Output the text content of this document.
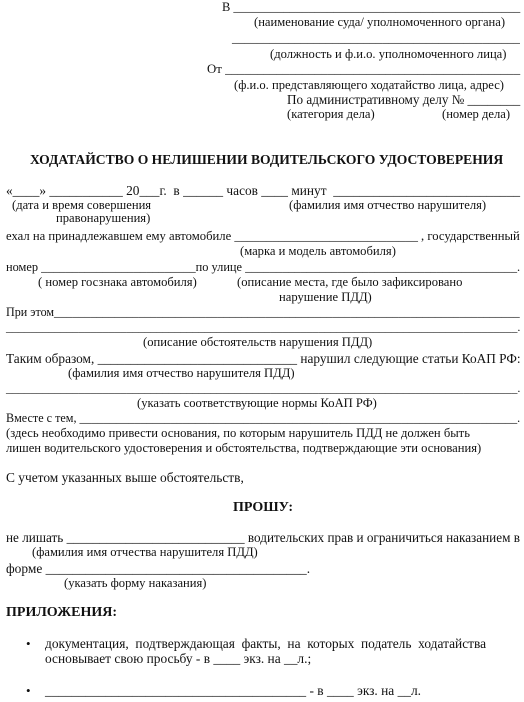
В ______________________________________________
(наименование суда/ уполномоченного органа)
______________________________________________
(должность и ф.и.о. уполномоченного лица)
От ______________________________________________
(ф.и.о. представляющего ходатайство лица, адрес)
По административному делу № ________
(категория дела)	(номер дела)
ХОДАТАЙСТВО О НЕЛИШЕНИИ ВОДИТЕЛЬСКОГО УДОСТОВЕРЕНИЯ
«____» ___________ 20___г.  в ______ часов ____ минут  ____________________________
(дата и время совершения
правонарушения)
(фамилия имя отчество нарушителя)
ехал на принадлежавшем ему автомобиле _____________________________ , государственный
(марка и модель автомобиля)
номер _________________________по улице ____________________________________________.
( номер госзнака автомобиля)	(описание места, где было зафиксировано
нарушение ПДД)
При этом_____________________________________________________________________________
_____________________________________________________________________________________.
(описание обстоятельств нарушения ПДД)
Таким образом, ______________________________ нарушил следующие статьи КоАП РФ:
(фамилия имя отчество нарушителя ПДД)
_____________________________________________________________________________________.
(указать соответствующие нормы КоАП РФ)
Вместе с тем, ________________________________________________________________________.
(здесь необходимо привести основания, по которым нарушитель ПДД не должен быть
лишен водительского удостоверения и обстоятельства, подтверждающие эти основания)
С учетом указанных выше обстоятельств,
ПРОШУ:
не лишать ___________________________ водительских прав и ограничиться наказанием в
(фамилия имя отчества нарушителя ПДД)
форме _______________________________________.
(указать форму наказания)
ПРИЛОЖЕНИЯ:
• документация,  подтверждающая  факты,  на  которых  податель  ходатайства
основывает свою просьбу - в ____ экз. на __л.;
• _______________________________________ - в ____ экз. на __л.
